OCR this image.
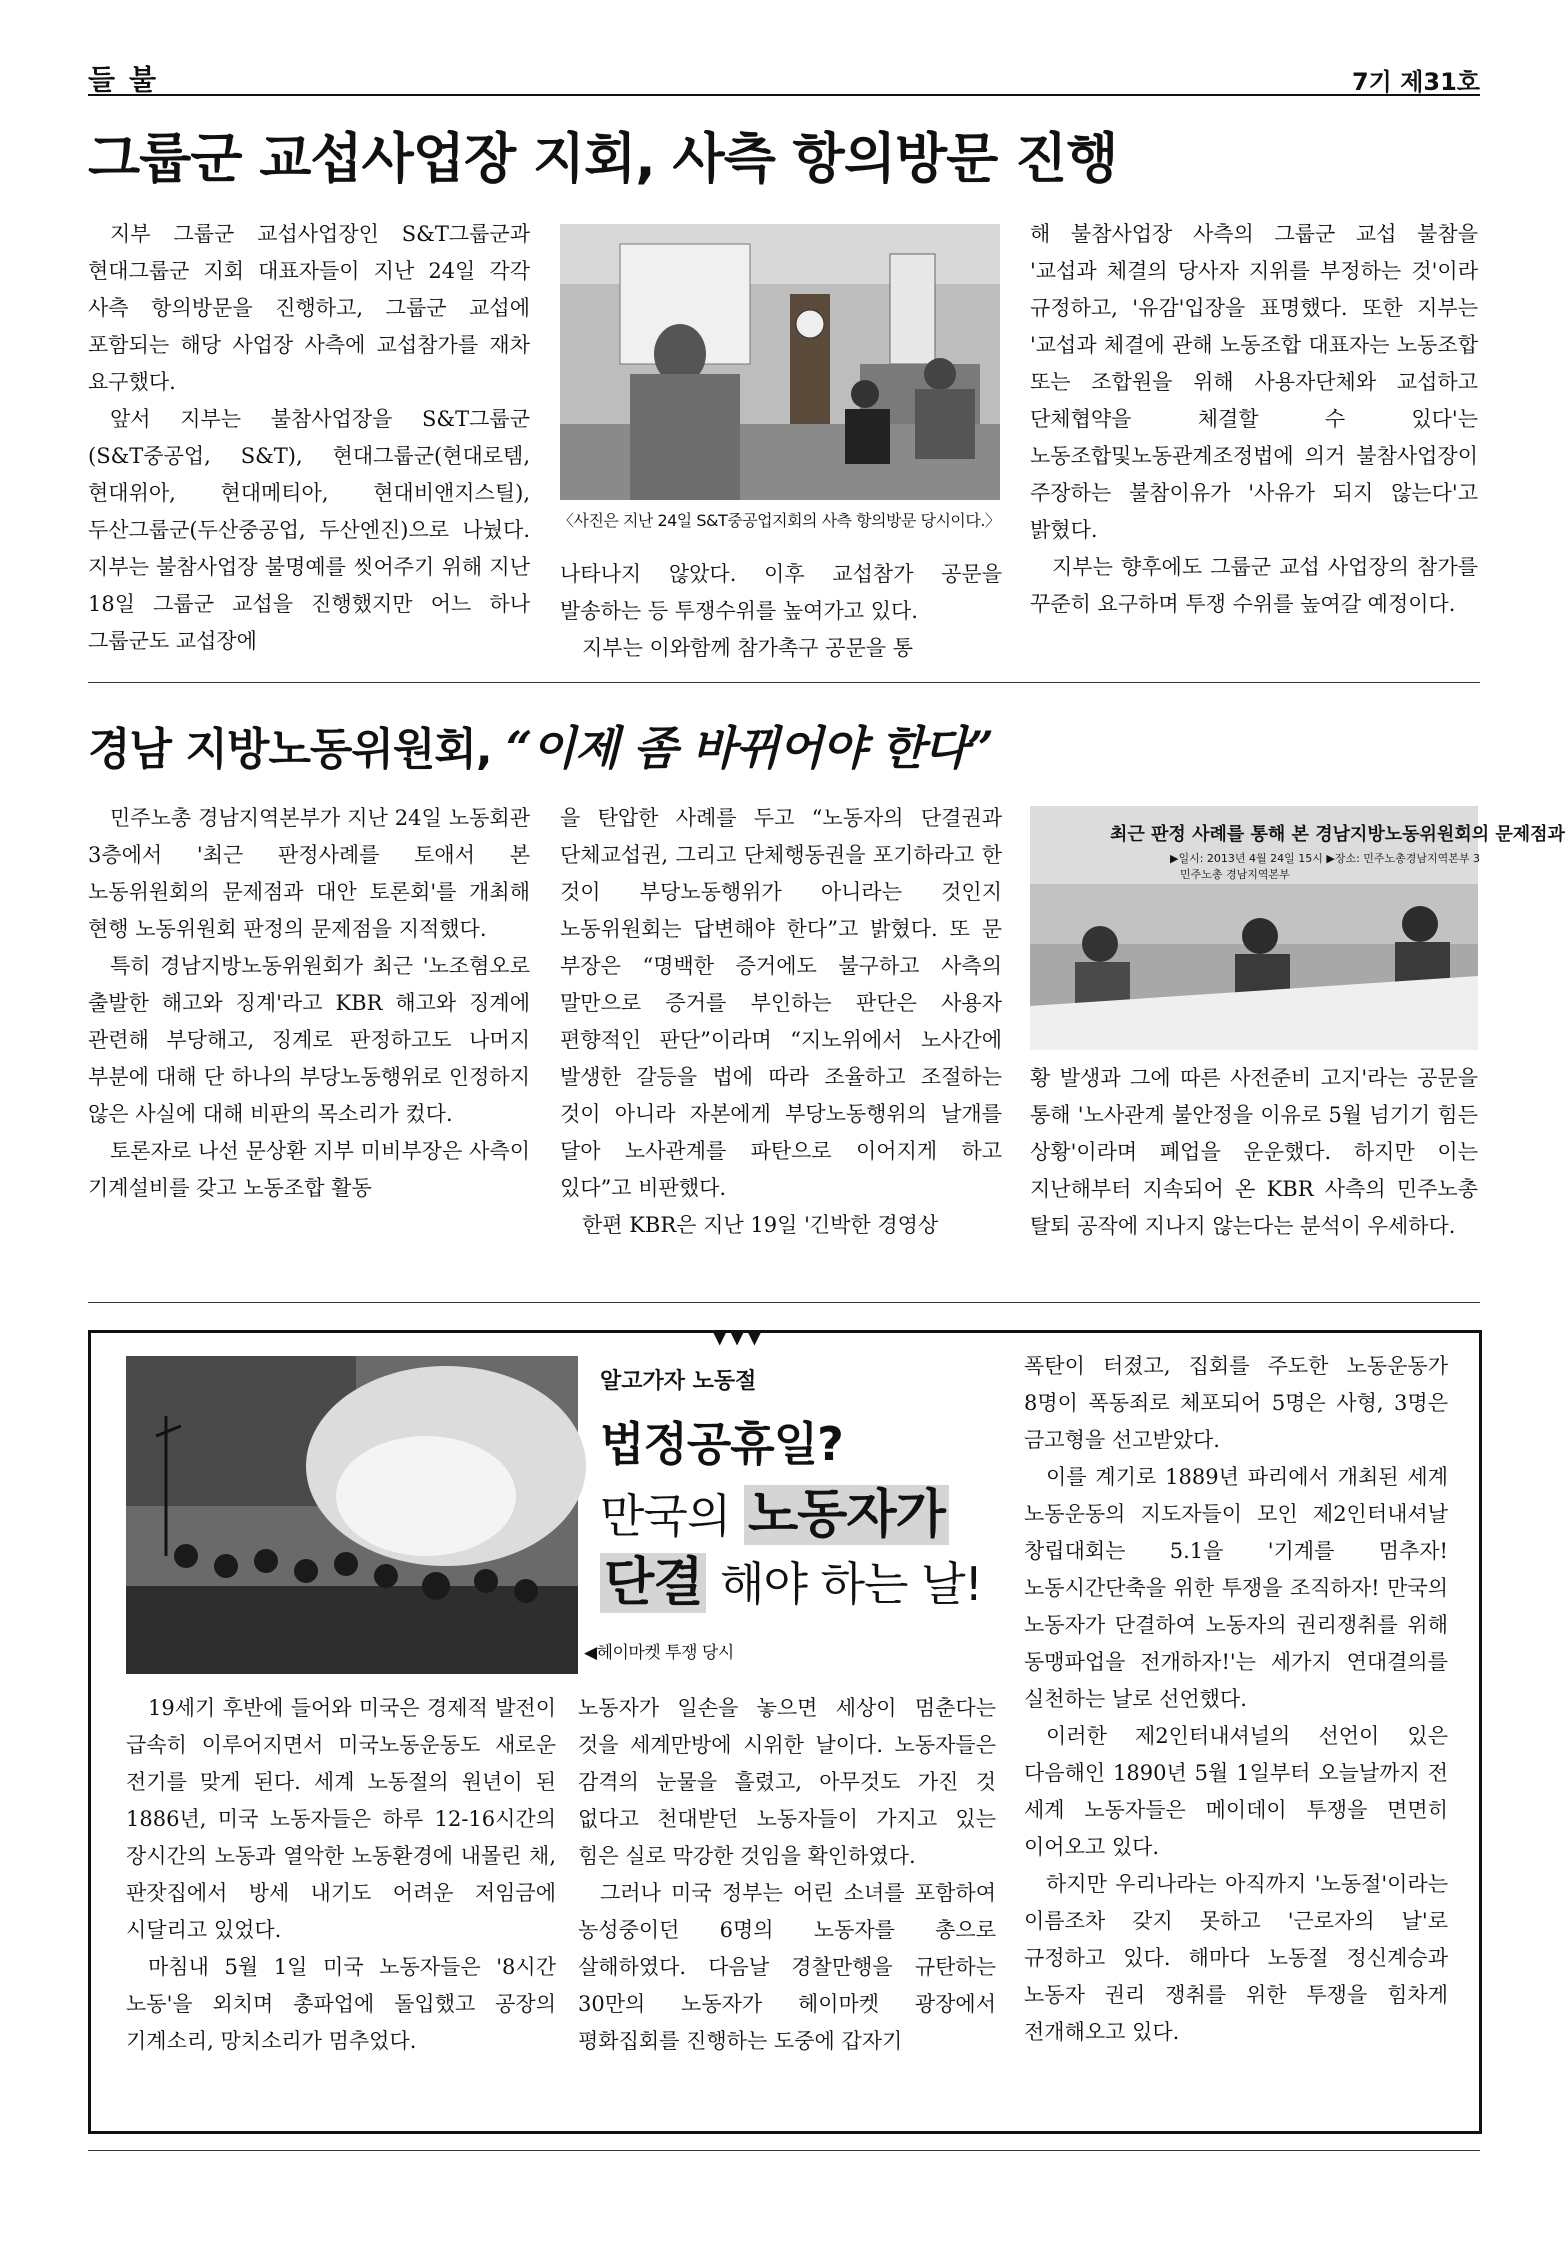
들불	7기 제31호
그룹군 교섭사업장 지회, 사측 항의방문 진행

지부 그룹군 교섭사업장인 S&T그룹군과 현대그룹군 지회 대표자들이 지난 24일 각각 사측 항의방문을 진행하고, 그룹군 교섭에 포함되는 해당 사업장 사측에 교섭참가를 재차 요구했다.

앞서 지부는 불참사업장을 S&T그룹군(S&T중공업, S&T), 현대그룹군(현대로템, 현대위아, 현대메티아, 현대비앤지스틸), 두산그룹군(두산중공업, 두산엔진)으로 나눴다. 지부는 불참사업장 불명예를 씻어주기 위해 지난 18일 그룹군 교섭을 진행했지만 어느 하나 그룹군도 교섭장에

〈사진은 지난 24일 S&T중공업지회의 사측 항의방문 당시이다.〉

나타나지 않았다. 이후 교섭참가 공문을 발송하는 등 투쟁수위를 높여가고 있다.

지부는 이와함께 참가촉구 공문을 통

해 불참사업장 사측의 그룹군 교섭 불참을 '교섭과 체결의 당사자 지위를 부정하는 것'이라 규정하고, '유감'입장을 표명했다. 또한 지부는 '교섭과 체결에 관해 노동조합 대표자는 노동조합 또는 조합원을 위해 사용자단체와 교섭하고 단체협약을 체결할 수 있다'는 노동조합및노동관계조정법에 의거 불참사업장이 주장하는 불참이유가 '사유가 되지 않는다'고 밝혔다.

지부는 향후에도 그룹군 교섭 사업장의 참가를 꾸준히 요구하며 투쟁 수위를 높여갈 예정이다.

경남 지방노동위원회, “이제 좀 바뀌어야 한다”

민주노총 경남지역본부가 지난 24일 노동회관 3층에서 '최근 판정사례를 토애서 본 노동위원회의 문제점과 대안 토론회'를 개최해 현행 노동위원회 판정의 문제점을 지적했다.

특히 경남지방노동위원회가 최근 '노조혐오로 출발한 해고와 징계'라고 KBR 해고와 징계에 관련해 부당해고, 징계로 판정하고도 나머지 부분에 대해 단 하나의 부당노동행위로 인정하지 않은 사실에 대해 비판의 목소리가 컸다.

토론자로 나선 문상환 지부 미비부장은 사측이 기계설비를 갖고 노동조합 활동

을 탄압한 사례를 두고 “노동자의 단결권과 단체교섭권, 그리고 단체행동권을 포기하라고 한 것이 부당노동행위가 아니라는 것인지 노동위원회는 답변해야 한다”고 밝혔다. 또 문 부장은 “명백한 증거에도 불구하고 사측의 말만으로 증거를 부인하는 판단은 사용자 편향적인 판단”이라며 “지노위에서 노사간에 발생한 갈등을 법에 따라 조율하고 조절하는 것이 아니라 자본에게 부당노동행위의 날개를 달아 노사관계를 파탄으로 이어지게 하고 있다”고 비판했다.

한편 KBR은 지난 19일 '긴박한 경영상

최근 판정 사례를 통해 본 경남지방노동위원회의 문제점과
▶일시: 2013년 4월 24일 15시 ▶장소: 민주노총경남지역본부 3
민주노총 경남지역본부

황 발생과 그에 따른 사전준비 고지'라는 공문을 통해 '노사관계 불안정을 이유로 5월 넘기기 힘든 상황'이라며 폐업을 운운했다. 하지만 이는 지난해부터 지속되어 온 KBR 사측의 민주노총 탈퇴 공작에 지나지 않는다는 분석이 우세하다.

▼▼▼
알고가자 노동절
법정공휴일?
만국의 노동자가
단결 해야 하는 날!
◀헤이마켓 투쟁 당시

19세기 후반에 들어와 미국은 경제적 발전이 급속히 이루어지면서 미국노동운동도 새로운 전기를 맞게 된다. 세계 노동절의 원년이 된 1886년, 미국 노동자들은 하루 12-16시간의 장시간의 노동과 열악한 노동환경에 내몰린 채, 판잣집에서 방세 내기도 어려운 저임금에 시달리고 있었다.

마침내 5월 1일 미국 노동자들은 '8시간 노동'을 외치며 총파업에 돌입했고 공장의 기계소리, 망치소리가 멈추었다.

노동자가 일손을 놓으면 세상이 멈춘다는 것을 세계만방에 시위한 날이다. 노동자들은 감격의 눈물을 흘렸고, 아무것도 가진 것 없다고 천대받던 노동자들이 가지고 있는 힘은 실로 막강한 것임을 확인하였다.

그러나 미국 정부는 어린 소녀를 포함하여 농성중이던 6명의 노동자를 총으로 살해하였다. 다음날 경찰만행을 규탄하는 30만의 노동자가 헤이마켓 광장에서 평화집회를 진행하는 도중에 갑자기

폭탄이 터졌고, 집회를 주도한 노동운동가 8명이 폭동죄로 체포되어 5명은 사형, 3명은 금고형을 선고받았다.

이를 계기로 1889년 파리에서 개최된 세계 노동운동의 지도자들이 모인 제2인터내셔날 창립대회는 5.1을 '기계를 멈추자! 노동시간단축을 위한 투쟁을 조직하자! 만국의 노동자가 단결하여 노동자의 권리쟁취를 위해 동맹파업을 전개하자!'는 세가지 연대결의를 실천하는 날로 선언했다.

이러한 제2인터내셔널의 선언이 있은 다음해인 1890년 5월 1일부터 오늘날까지 전 세계 노동자들은 메이데이 투쟁을 면면히 이어오고 있다.

하지만 우리나라는 아직까지 '노동절'이라는 이름조차 갖지 못하고 '근로자의 날'로 규정하고 있다. 해마다 노동절 정신계승과 노동자 권리 쟁취를 위한 투쟁을 힘차게 전개해오고 있다.
